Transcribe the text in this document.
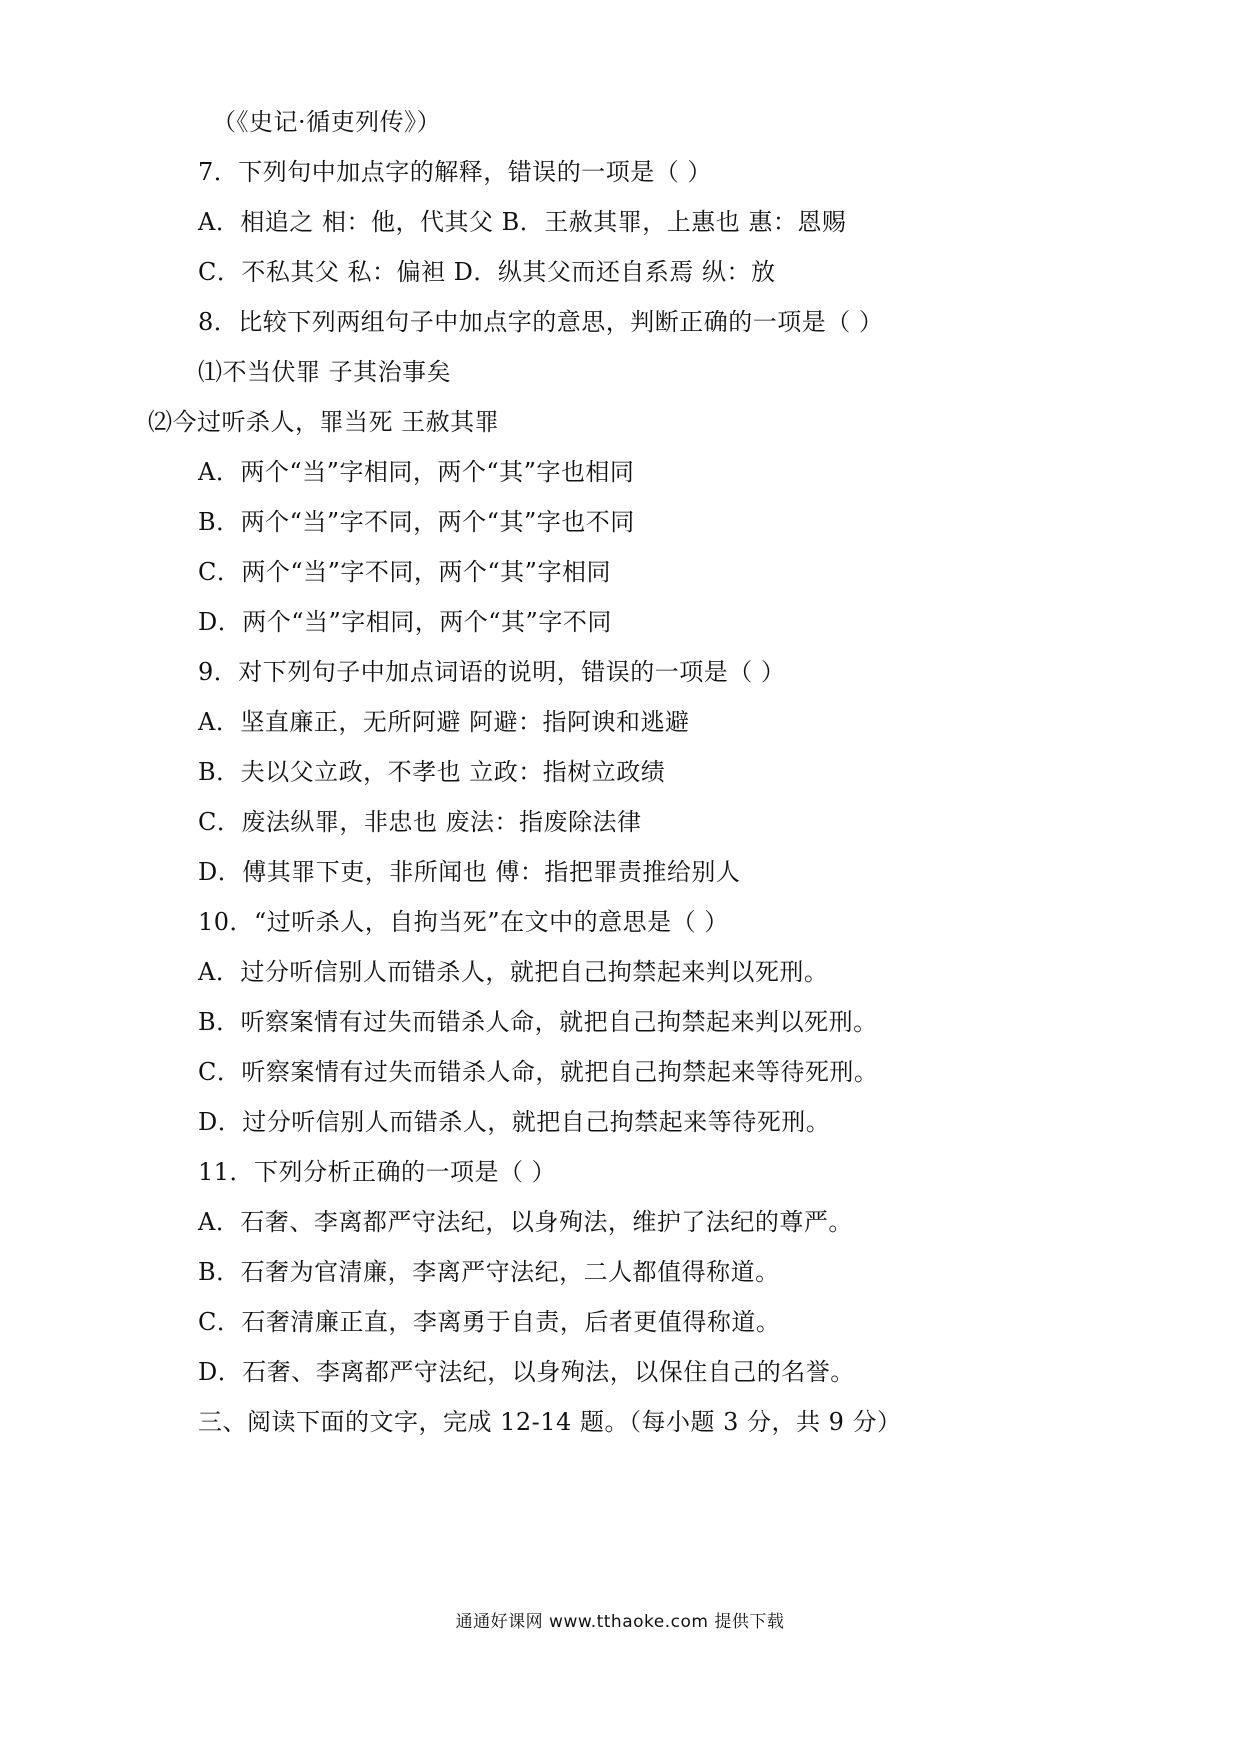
（《史记·循吏列传》）
7．下列句中加点字的解释，错误的一项是（ ）
A．相追之 相：他，代其父 B．王赦其罪，上惠也 惠：恩赐
C．不私其父 私：偏袒 D．纵其父而还自系焉 纵：放
8．比较下列两组句子中加点字的意思，判断正确的一项是（ ）
⑴不当伏罪 子其治事矣
⑵今过听杀人，罪当死 王赦其罪
A．两个“当”字相同，两个“其”字也相同
B．两个“当”字不同，两个“其”字也不同
C．两个“当”字不同，两个“其”字相同
D．两个“当”字相同，两个“其”字不同
9．对下列句子中加点词语的说明，错误的一项是（ ）
A．坚直廉正，无所阿避 阿避：指阿谀和逃避
B．夫以父立政，不孝也 立政：指树立政绩
C．废法纵罪，非忠也 废法：指废除法律
D．傅其罪下吏，非所闻也 傅：指把罪责推给别人
10．“过听杀人，自拘当死”在文中的意思是（ ）
A．过分听信别人而错杀人，就把自己拘禁起来判以死刑。
B．听察案情有过失而错杀人命，就把自己拘禁起来判以死刑。
C．听察案情有过失而错杀人命，就把自己拘禁起来等待死刑。
D．过分听信别人而错杀人，就把自己拘禁起来等待死刑。
11．下列分析正确的一项是（ ）
A．石奢、李离都严守法纪，以身殉法，维护了法纪的尊严。
B．石奢为官清廉，李离严守法纪，二人都值得称道。
C．石奢清廉正直，李离勇于自责，后者更值得称道。
D．石奢、李离都严守法纪，以身殉法，以保住自己的名誉。
三、阅读下面的文字，完成 12-14 题。（每小题 3 分，共 9 分）
通通好课网 www.tthaoke.com 提供下载
